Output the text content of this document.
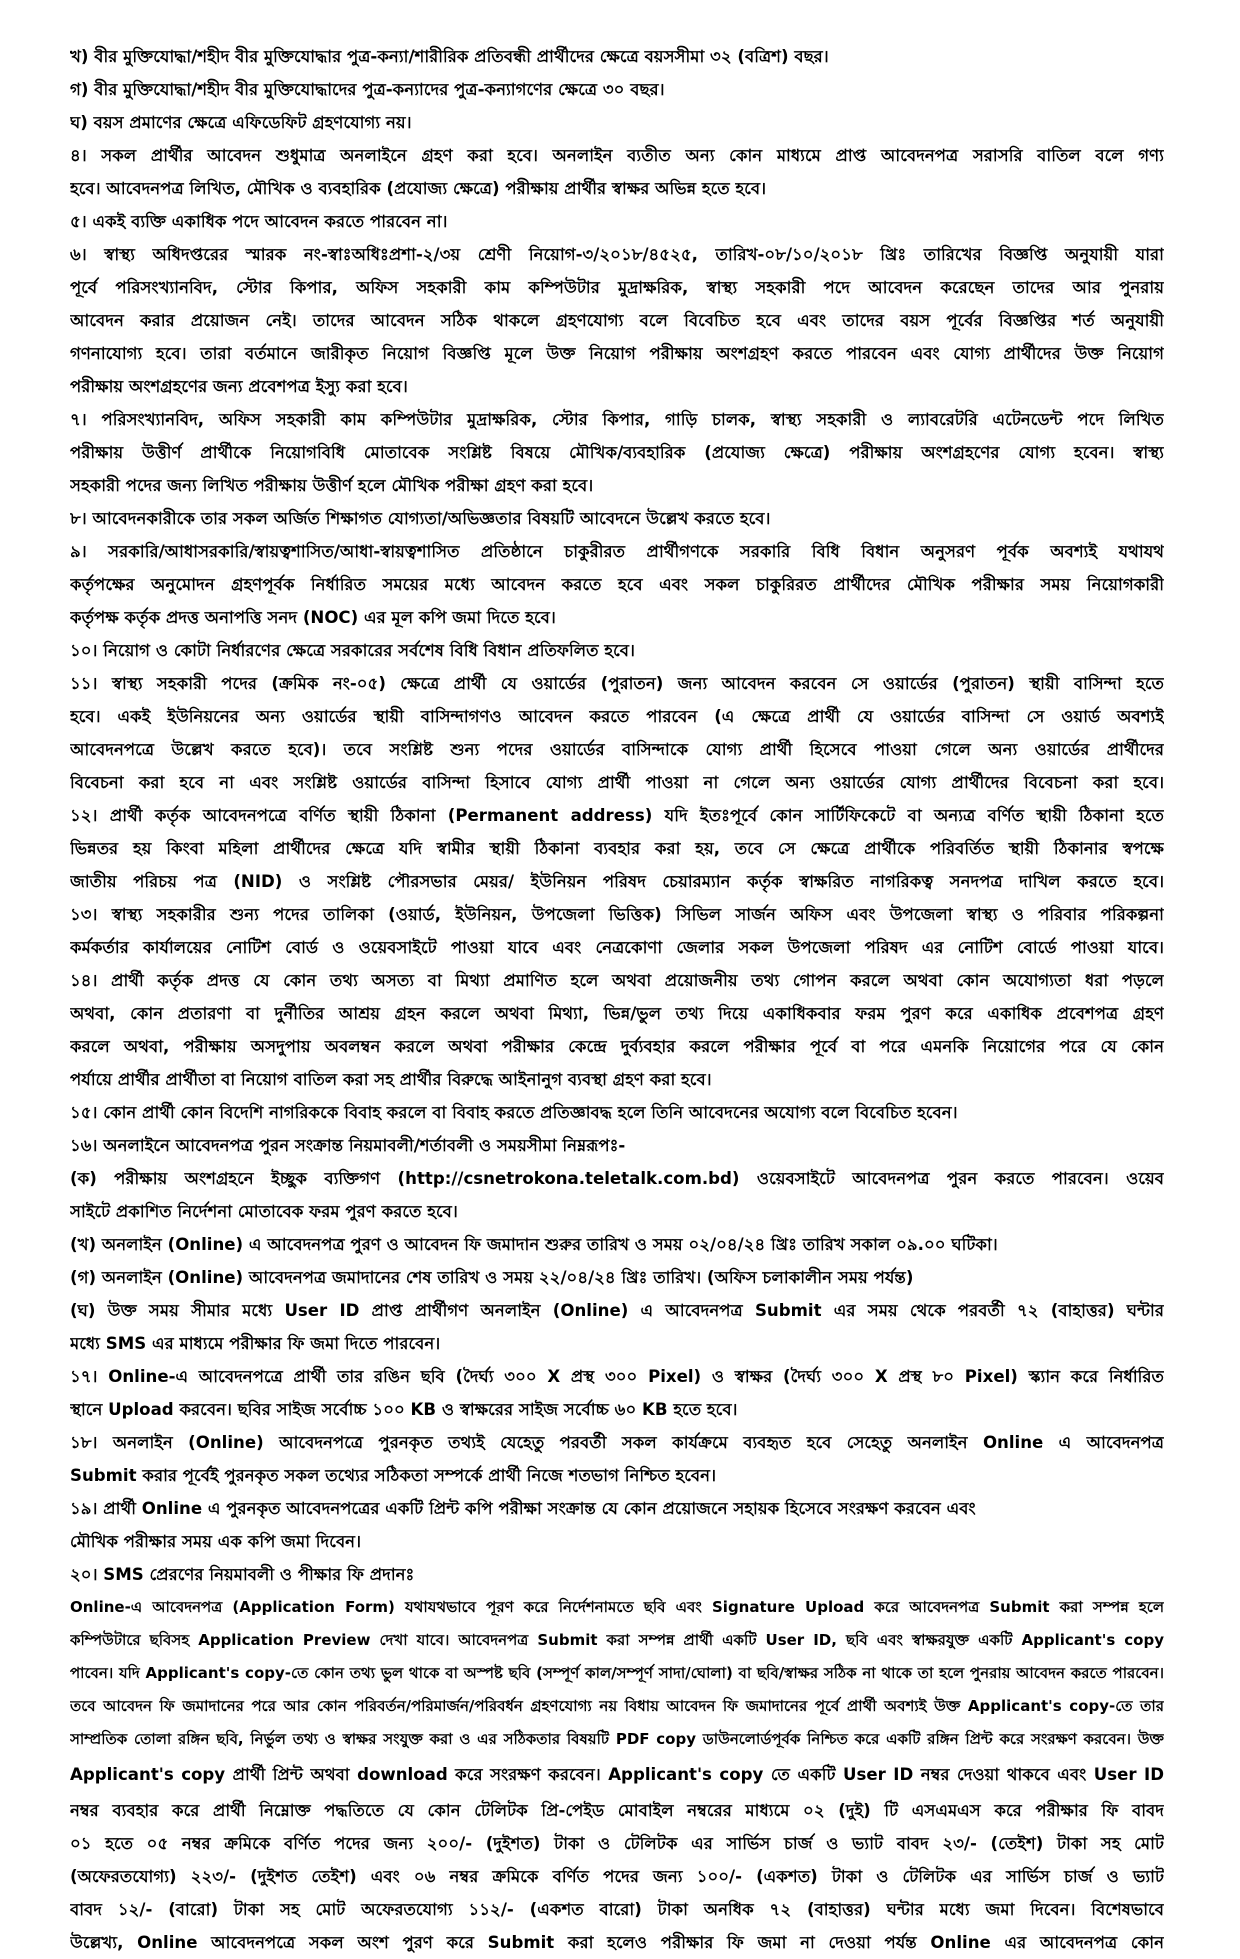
খ) বীর মুক্তিযোদ্ধা/শহীদ বীর মুক্তিযোদ্ধার পুত্র-কন্যা/শারীরিক প্রতিবন্ধী প্রার্থীদের ক্ষেত্রে বয়সসীমা ৩২ (বত্রিশ) বছর।
গ) বীর মুক্তিযোদ্ধা/শহীদ বীর মুক্তিযোদ্ধাদের পুত্র-কন্যাদের পুত্র-কন্যাগণের ক্ষেত্রে ৩০ বছর।
ঘ) বয়স প্রমাণের ক্ষেত্রে এফিডেফিট গ্রহণযোগ্য নয়।
৪। সকল প্রার্থীর আবেদন শুধুমাত্র অনলাইনে গ্রহণ করা হবে। অনলাইন ব্যতীত অন্য কোন মাধ্যমে প্রাপ্ত আবেদনপত্র সরাসরি বাতিল বলে গণ্য
হবে। আবেদনপত্র লিখিত, মৌখিক ও ব্যবহারিক (প্রযোজ্য ক্ষেত্রে) পরীক্ষায় প্রার্থীর স্বাক্ষর অভিন্ন হতে হবে।
৫। একই ব্যক্তি একাধিক পদে আবেদন করতে পারবেন না।
৬। স্বাস্থ্য অধিদপ্তরের স্মারক নং-স্বাঃঅধিঃপ্রশা-২/৩য় শ্রেণী নিয়োগ-৩/২০১৮/৪৫২৫, তারিখ-০৮/১০/২০১৮ খ্রিঃ তারিখের বিজ্ঞপ্তি অনুযায়ী যারা
পূর্বে পরিসংখ্যানবিদ, স্টোর কিপার, অফিস সহকারী কাম কম্পিউটার মুদ্রাক্ষরিক, স্বাস্থ্য সহকারী পদে আবেদন করেছেন তাদের আর পুনরায়
আবেদন করার প্রয়োজন নেই। তাদের আবেদন সঠিক থাকলে গ্রহণযোগ্য বলে বিবেচিত হবে এবং তাদের বয়স পূর্বের বিজ্ঞপ্তির শর্ত অনুযায়ী
গণনাযোগ্য হবে। তারা বর্তমানে জারীকৃত নিয়োগ বিজ্ঞপ্তি মূলে উক্ত নিয়োগ পরীক্ষায় অংশগ্রহণ করতে পারবেন এবং যোগ্য প্রার্থীদের উক্ত নিয়োগ
পরীক্ষায় অংশগ্রহণের জন্য প্রবেশপত্র ইস্যু করা হবে।
৭। পরিসংখ্যানবিদ, অফিস সহকারী কাম কম্পিউটার মুদ্রাক্ষরিক, স্টোর কিপার, গাড়ি চালক, স্বাস্থ্য সহকারী ও ল্যাবরেটরি এটেনডেন্ট পদে লিখিত
পরীক্ষায় উত্তীর্ণ প্রার্থীকে নিয়োগবিধি মোতাবেক সংশ্লিষ্ট বিষয়ে মৌখিক/ব্যবহারিক (প্রযোজ্য ক্ষেত্রে) পরীক্ষায় অংশগ্রহণের যোগ্য হবেন। স্বাস্থ্য
সহকারী পদের জন্য লিখিত পরীক্ষায় উত্তীর্ণ হলে মৌখিক পরীক্ষা গ্রহণ করা হবে।
৮। আবেদনকারীকে তার সকল অর্জিত শিক্ষাগত যোগ্যতা/অভিজ্ঞতার বিষয়টি আবেদনে উল্লেখ করতে হবে।
৯। সরকারি/আধাসরকারি/স্বায়ত্বশাসিত/আধা-স্বায়ত্বশাসিত প্রতিষ্ঠানে চাকুরীরত প্রার্থীগণকে সরকারি বিধি বিধান অনুসরণ পূর্বক অবশ্যই যথাযথ
কর্তৃপক্ষের অনুমোদন গ্রহণপূর্বক নির্ধারিত সময়ের মধ্যে আবেদন করতে হবে এবং সকল চাকুরিরত প্রার্থীদের মৌখিক পরীক্ষার সময় নিয়োগকারী
কর্তৃপক্ষ কর্তৃক প্রদত্ত অনাপত্তি সনদ (NOC) এর মূল কপি জমা দিতে হবে।
১০। নিয়োগ ও কোটা নির্ধারণের ক্ষেত্রে সরকারের সর্বশেষ বিধি বিধান প্রতিফলিত হবে।
১১। স্বাস্থ্য সহকারী পদের (ক্রমিক নং-০৫) ক্ষেত্রে প্রার্থী যে ওয়ার্ডের (পুরাতন) জন্য আবেদন করবেন সে ওয়ার্ডের (পুরাতন) স্থায়ী বাসিন্দা হতে
হবে। একই ইউনিয়নের অন্য ওয়ার্ডের স্থায়ী বাসিন্দাগণও আবেদন করতে পারবেন (এ ক্ষেত্রে প্রার্থী যে ওয়ার্ডের বাসিন্দা সে ওয়ার্ড অবশ্যই
আবেদনপত্রে উল্লেখ করতে হবে)। তবে সংশ্লিষ্ট শুন্য পদের ওয়ার্ডের বাসিন্দাকে যোগ্য প্রার্থী হিসেবে পাওয়া গেলে অন্য ওয়ার্ডের প্রার্থীদের
বিবেচনা করা হবে না এবং সংশ্লিষ্ট ওয়ার্ডের বাসিন্দা হিসাবে যোগ্য প্রার্থী পাওয়া না গেলে অন্য ওয়ার্ডের যোগ্য প্রার্থীদের বিবেচনা করা হবে।
১২। প্রার্থী কর্তৃক আবেদনপত্রে বর্ণিত স্থায়ী ঠিকানা (Permanent address) যদি ইতঃপূর্বে কোন সার্টিফিকেটে বা অন্যত্র বর্ণিত স্থায়ী ঠিকানা হতে
ভিন্নতর হয় কিংবা মহিলা প্রার্থীদের ক্ষেত্রে যদি স্বামীর স্থায়ী ঠিকানা ব্যবহার করা হয়, তবে সে ক্ষেত্রে প্রার্থীকে পরিবর্তিত স্থায়ী ঠিকানার স্বপক্ষে
জাতীয় পরিচয় পত্র (NID) ও সংশ্লিষ্ট পৌরসভার মেয়র/ ইউনিয়ন পরিষদ চেয়ারম্যান কর্তৃক স্বাক্ষরিত নাগরিকত্ব সনদপত্র দাখিল করতে হবে।
১৩। স্বাস্থ্য সহকারীর শুন্য পদের তালিকা (ওয়ার্ড, ইউনিয়ন, উপজেলা ভিত্তিক) সিভিল সার্জন অফিস এবং উপজেলা স্বাস্থ্য ও পরিবার পরিকল্পনা
কর্মকর্তার কার্যালয়ের নোটিশ বোর্ড ও ওয়েবসাইটে পাওয়া যাবে এবং নেত্রকোণা জেলার সকল উপজেলা পরিষদ এর নোটিশ বোর্ডে পাওয়া যাবে।
১৪। প্রার্থী কর্তৃক প্রদত্ত যে কোন তথ্য অসত্য বা মিথ্যা প্রমাণিত হলে অথবা প্রয়োজনীয় তথ্য গোপন করলে অথবা কোন অযোগ্যতা ধরা পড়লে
অথবা, কোন প্রতারণা বা দুর্নীতির আশ্রয় গ্রহন করলে অথবা মিথ্যা, ভিন্ন/ভুল তথ্য দিয়ে একাধিকবার ফরম পুরণ করে একাধিক প্রবেশপত্র গ্রহণ
করলে অথবা, পরীক্ষায় অসদুপায় অবলম্বন করলে অথবা পরীক্ষার কেন্দ্রে দুর্ব্যবহার করলে পরীক্ষার পূর্বে বা পরে এমনকি নিয়োগের পরে যে কোন
পর্যায়ে প্রার্থীর প্রার্থীতা বা নিয়োগ বাতিল করা সহ প্রার্থীর বিরুদ্ধে আইনানুগ ব্যবস্থা গ্রহণ করা হবে।
১৫। কোন প্রার্থী কোন বিদেশি নাগরিককে বিবাহ করলে বা বিবাহ করতে প্রতিজ্ঞাবদ্ধ হলে তিনি আবেদনের অযোগ্য বলে বিবেচিত হবেন।
১৬। অনলাইনে আবেদনপত্র পুরন সংক্রান্ত নিয়মাবলী/শর্তাবলী ও সময়সীমা নিম্নরূপঃ-
(ক) পরীক্ষায় অংশগ্রহনে ইচ্ছুক ব্যক্তিগণ (http://csnetrokona.teletalk.com.bd) ওয়েবসাইটে আবেদনপত্র পুরন করতে পারবেন। ওয়েব
সাইটে প্রকাশিত নির্দেশনা মোতাবেক ফরম পুরণ করতে হবে।
(খ) অনলাইন (Online) এ আবেদনপত্র পুরণ ও আবেদন ফি জমাদান শুরুর তারিখ ও সময় ০২/০৪/২৪ খ্রিঃ তারিখ সকাল ০৯.০০ ঘটিকা।
(গ) অনলাইন (Online) আবেদনপত্র জমাদানের শেষ তারিখ ও সময় ২২/০৪/২৪ খ্রিঃ তারিখ। (অফিস চলাকালীন সময় পর্যন্ত)
(ঘ) উক্ত সময় সীমার মধ্যে User ID প্রাপ্ত প্রার্থীগণ অনলাইন (Online) এ আবেদনপত্র Submit এর সময় থেকে পরবর্তী ৭২ (বাহাত্তর) ঘন্টার
মধ্যে SMS এর মাধ্যমে পরীক্ষার ফি জমা দিতে পারবেন।
১৭। Online-এ আবেদনপত্রে প্রার্থী তার রঙিন ছবি (দৈর্ঘ্য ৩০০ X প্রস্থ ৩০০ Pixel) ও স্বাক্ষর (দৈর্ঘ্য ৩০০ X প্রস্থ ৮০ Pixel) স্ক্যান করে নির্ধারিত
স্থানে Upload করবেন। ছবির সাইজ সর্বোচ্চ ১০০ KB ও স্বাক্ষরের সাইজ সর্বোচ্চ ৬০ KB হতে হবে।
১৮। অনলাইন (Online) আবেদনপত্রে পুরনকৃত তথ্যই যেহেতু পরবর্তী সকল কার্যক্রমে ব্যবহৃত হবে সেহেতু অনলাইন Online এ আবেদনপত্র
Submit করার পূর্বেই পুরনকৃত সকল তথ্যের সঠিকতা সম্পর্কে প্রার্থী নিজে শতভাগ নিশ্চিত হবেন।
১৯। প্রার্থী Online এ পুরনকৃত আবেদনপত্রের একটি প্রিন্ট কপি পরীক্ষা সংক্রান্ত যে কোন প্রয়োজনে সহায়ক হিসেবে সংরক্ষণ করবেন এবং
মৌখিক পরীক্ষার সময় এক কপি জমা দিবেন।
২০। SMS প্রেরণের নিয়মাবলী ও পীক্ষার ফি প্রদানঃ
Online-এ আবেদনপত্র (Application Form) যথাযথভাবে পূরণ করে নির্দেশনামতে ছবি এবং Signature Upload করে আবেদনপত্র Submit করা সম্পন্ন হলে
কম্পিউটারে ছবিসহ Application Preview দেখা যাবে। আবেদনপত্র Submit করা সম্পন্ন প্রার্থী একটি User ID, ছবি এবং স্বাক্ষরযুক্ত একটি Applicant's copy
পাবেন। যদি Applicant's copy-তে কোন তথ্য ভুল থাকে বা অস্পষ্ট ছবি (সম্পূর্ণ কাল/সম্পূর্ণ সাদা/ঘোলা) বা ছবি/স্বাক্ষর সঠিক না থাকে তা হলে পুনরায় আবেদন করতে পারবেন।
তবে আবেদন ফি জমাদানের পরে আর কোন পরিবর্তন/পরিমার্জন/পরিবর্ধন গ্রহণযোগ্য নয় বিধায় আবেদন ফি জমাদানের পূর্বে প্রার্থী অবশ্যই উক্ত Applicant's copy-তে তার
সাম্প্রতিক তোলা রঙ্গিন ছবি, নির্ভুল তথ্য ও স্বাক্ষর সংযুক্ত করা ও এর সঠিকতার বিষয়টি PDF copy ডাউনলোর্ডপূর্বক নিশ্চিত করে একটি রঙ্গিন প্রিন্ট করে সংরক্ষণ করবেন। উক্ত
Applicant's copy প্রার্থী প্রিন্ট অথবা download করে সংরক্ষণ করবেন। Applicant's copy তে একটি User ID নম্বর দেওয়া থাকবে এবং User ID
নম্বর ব্যবহার করে প্রার্থী নিম্নোক্ত পদ্ধতিতে যে কোন টেলিটক প্রি-পেইড মোবাইল নম্বরের মাধ্যমে ০২ (দুই) টি এসএমএস করে পরীক্ষার ফি বাবদ
০১ হতে ০৫ নম্বর ক্রমিকে বর্ণিত পদের জন্য ২০০/- (দুইশত) টাকা ও টেলিটক এর সার্ভিস চার্জ ও ভ্যাট বাবদ ২৩/- (তেইশ) টাকা সহ মোট
(অফেরতযোগ্য) ২২৩/- (দুইশত তেইশ) এবং ০৬ নম্বর ক্রমিকে বর্ণিত পদের জন্য ১০০/- (একশত) টাকা ও টেলিটক এর সার্ভিস চার্জ ও ভ্যাট
বাবদ ১২/- (বারো) টাকা সহ মোট অফেরতযোগ্য ১১২/- (একশত বারো) টাকা অনধিক ৭২ (বাহাত্তর) ঘন্টার মধ্যে জমা দিবেন। বিশেষভাবে
উল্লেখ্য, Online আবেদনপত্রে সকল অংশ পুরণ করে Submit করা হলেও পরীক্ষার ফি জমা না দেওয়া পর্যন্ত Online এর আবেদনপত্র কোন
